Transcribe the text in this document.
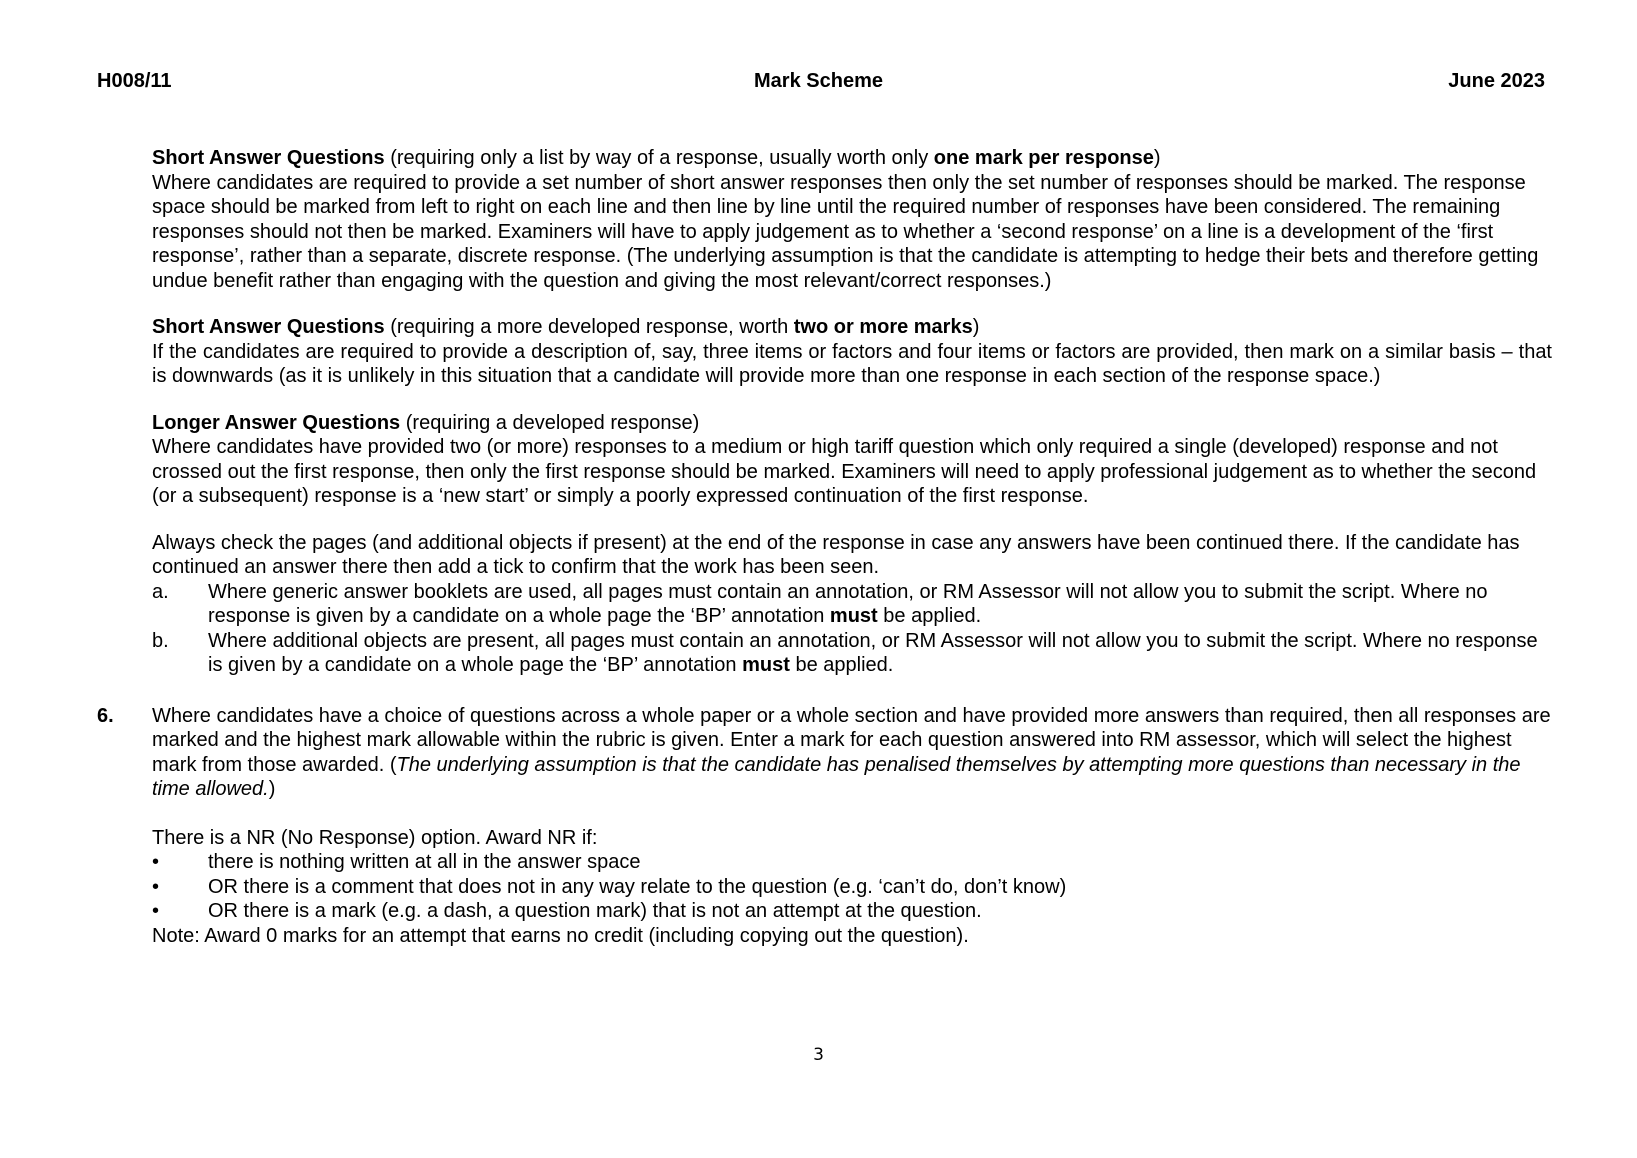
H008/11	Mark Scheme	June 2023

Short Answer Questions (requiring only a list by way of a response, usually worth only one mark per response)

Where candidates are required to provide a set number of short answer responses then only the set number of responses should be marked. The response space should be marked from left to right on each line and then line by line until the required number of responses have been considered. The remaining responses should not then be marked. Examiners will have to apply judgement as to whether a ‘second response’ on a line is a development of the ‘first response’, rather than a separate, discrete response. (The underlying assumption is that the candidate is attempting to hedge their bets and therefore getting undue benefit rather than engaging with the question and giving the most relevant/correct responses.)

Short Answer Questions (requiring a more developed response, worth two or more marks)

If the candidates are required to provide a description of, say, three items or factors and four items or factors are provided, then mark on a similar basis – that is downwards (as it is unlikely in this situation that a candidate will provide more than one response in each section of the response space.)

Longer Answer Questions (requiring a developed response)

Where candidates have provided two (or more) responses to a medium or high tariff question which only required a single (developed) response and not crossed out the first response, then only the first response should be marked. Examiners will need to apply professional judgement as to whether the second (or a subsequent) response is a ‘new start’ or simply a poorly expressed continuation of the first response.

Always check the pages (and additional objects if present) at the end of the response in case any answers have been continued there. If the candidate has continued an answer there then add a tick to confirm that the work has been seen.

a. Where generic answer booklets are used, all pages must contain an annotation, or RM Assessor will not allow you to submit the script. Where no response is given by a candidate on a whole page the ‘BP’ annotation must be applied.
b. Where additional objects are present, all pages must contain an annotation, or RM Assessor will not allow you to submit the script. Where no response is given by a candidate on a whole page the ‘BP’ annotation must be applied.
6. Where candidates have a choice of questions across a whole paper or a whole section and have provided more answers than required, then all responses are marked and the highest mark allowable within the rubric is given. Enter a mark for each question answered into RM assessor, which will select the highest mark from those awarded. (The underlying assumption is that the candidate has penalised themselves by attempting more questions than necessary in the time allowed.)

There is a NR (No Response) option. Award NR if:

• there is nothing written at all in the answer space
• OR there is a comment that does not in any way relate to the question (e.g. ‘can’t do, don’t know)
• OR there is a mark (e.g. a dash, a question mark) that is not an attempt at the question.

Note: Award 0 marks for an attempt that earns no credit (including copying out the question).

3
